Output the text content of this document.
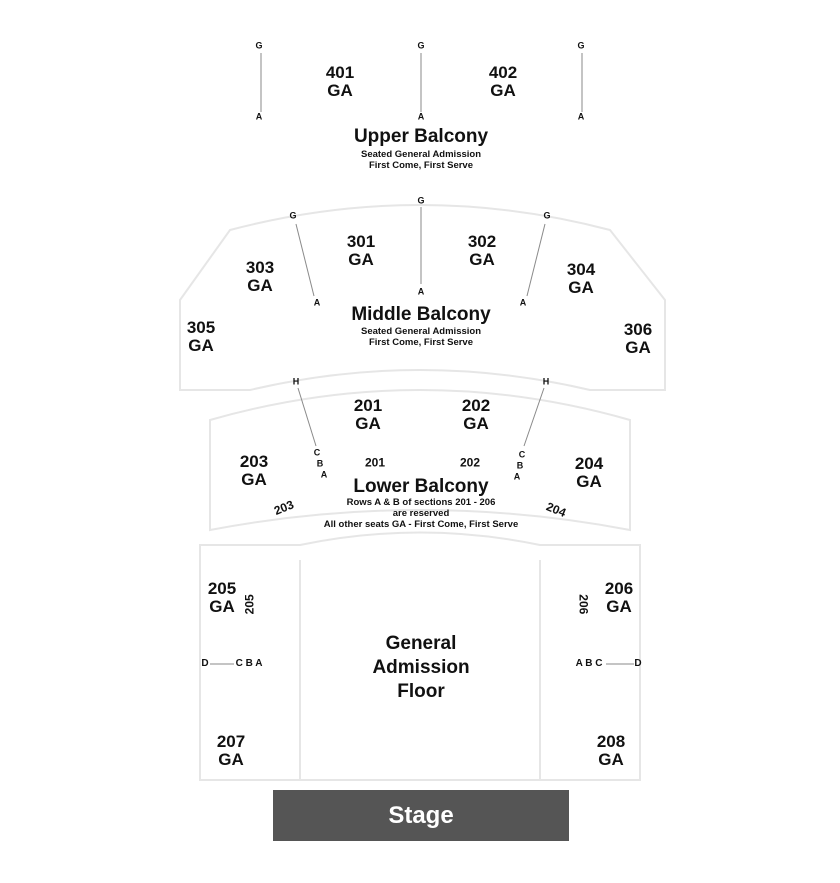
G	G	G
A	A	A
401
GA
402
GA
Upper Balcony
Seated General Admission
First Come, First Serve
G
G
G
A
A
A
301
GA
302
GA
303
GA
304
GA
305
GA
306
GA
Middle Balcony
Seated General Admission
First Come, First Serve
H	H
C
B
A
C
B
A
201
GA
202
GA
203
GA
204
GA
201	202
203	204
Lower Balcony
Rows A & B of sections 201 - 206
are reserved
All other seats GA - First Come, First Serve
205
GA 205
206
GA
206
D	C B A	A B C	D
General
Admission
Floor
207
GA
208
GA
Stage
